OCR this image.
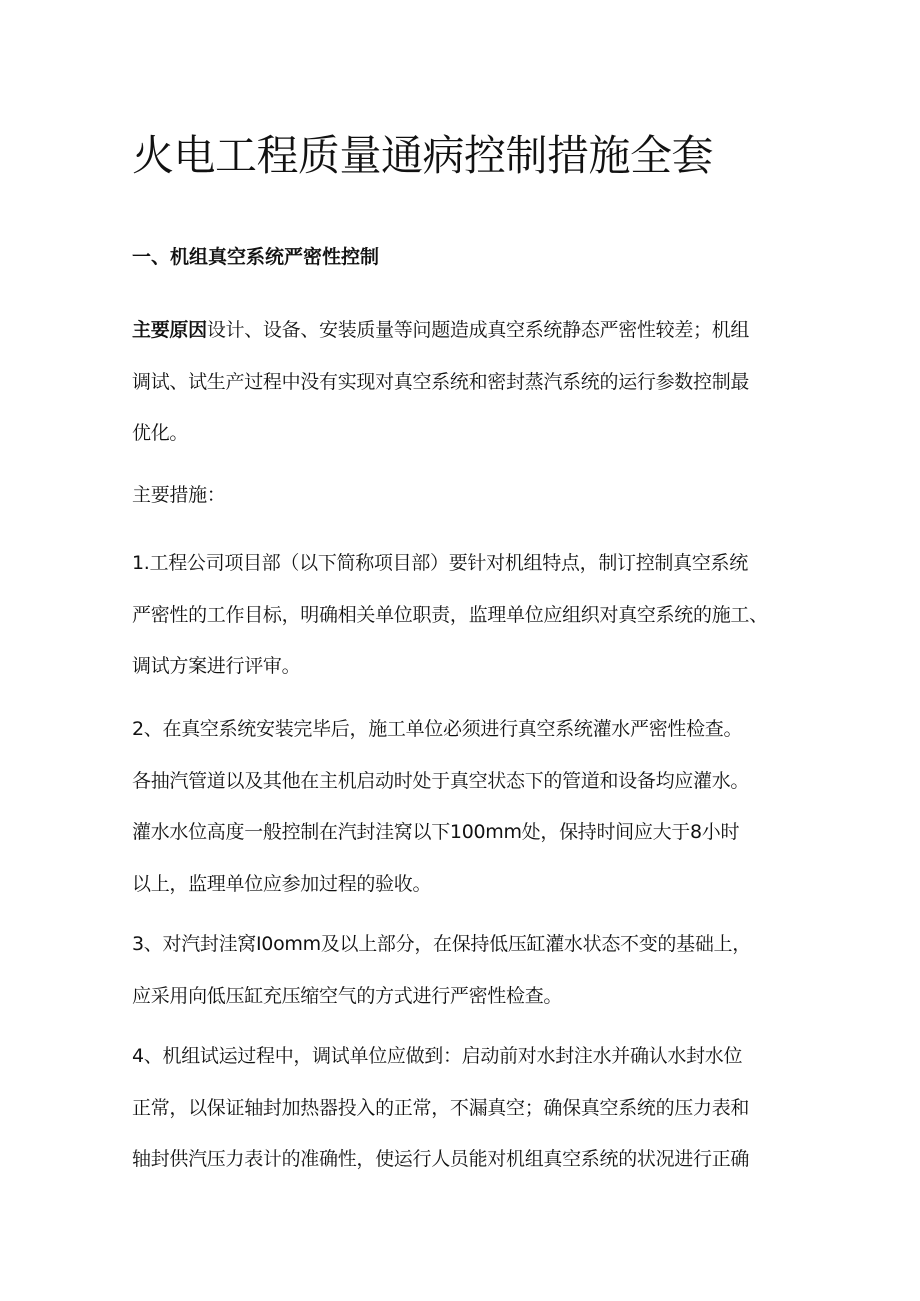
火电工程质量通病控制措施全套
一、机组真空系统严密性控制
主要原因设计、设备、安装质量等问题造成真空系统静态严密性较差；机组
调试、试生产过程中没有实现对真空系统和密封蒸汽系统的运行参数控制最
优化。
主要措施：
1.工程公司项目部（以下简称项目部）要针对机组特点，制订控制真空系统
严密性的工作目标，明确相关单位职责，监理单位应组织对真空系统的施工、
调试方案进行评审。
2、在真空系统安装完毕后，施工单位必须进行真空系统灌水严密性检查。
各抽汽管道以及其他在主机启动时处于真空状态下的管道和设备均应灌水。
灌水水位高度一般控制在汽封洼窝以下100mm处，保持时间应大于8小时
以上，监理单位应参加过程的验收。
3、对汽封洼窝I0omm及以上部分，在保持低压缸灌水状态不变的基础上，
应采用向低压缸充压缩空气的方式进行严密性检查。
4、机组试运过程中，调试单位应做到：启动前对水封注水并确认水封水位
正常，以保证轴封加热器投入的正常，不漏真空；确保真空系统的压力表和
轴封供汽压力表计的准确性，使运行人员能对机组真空系统的状况进行正确
